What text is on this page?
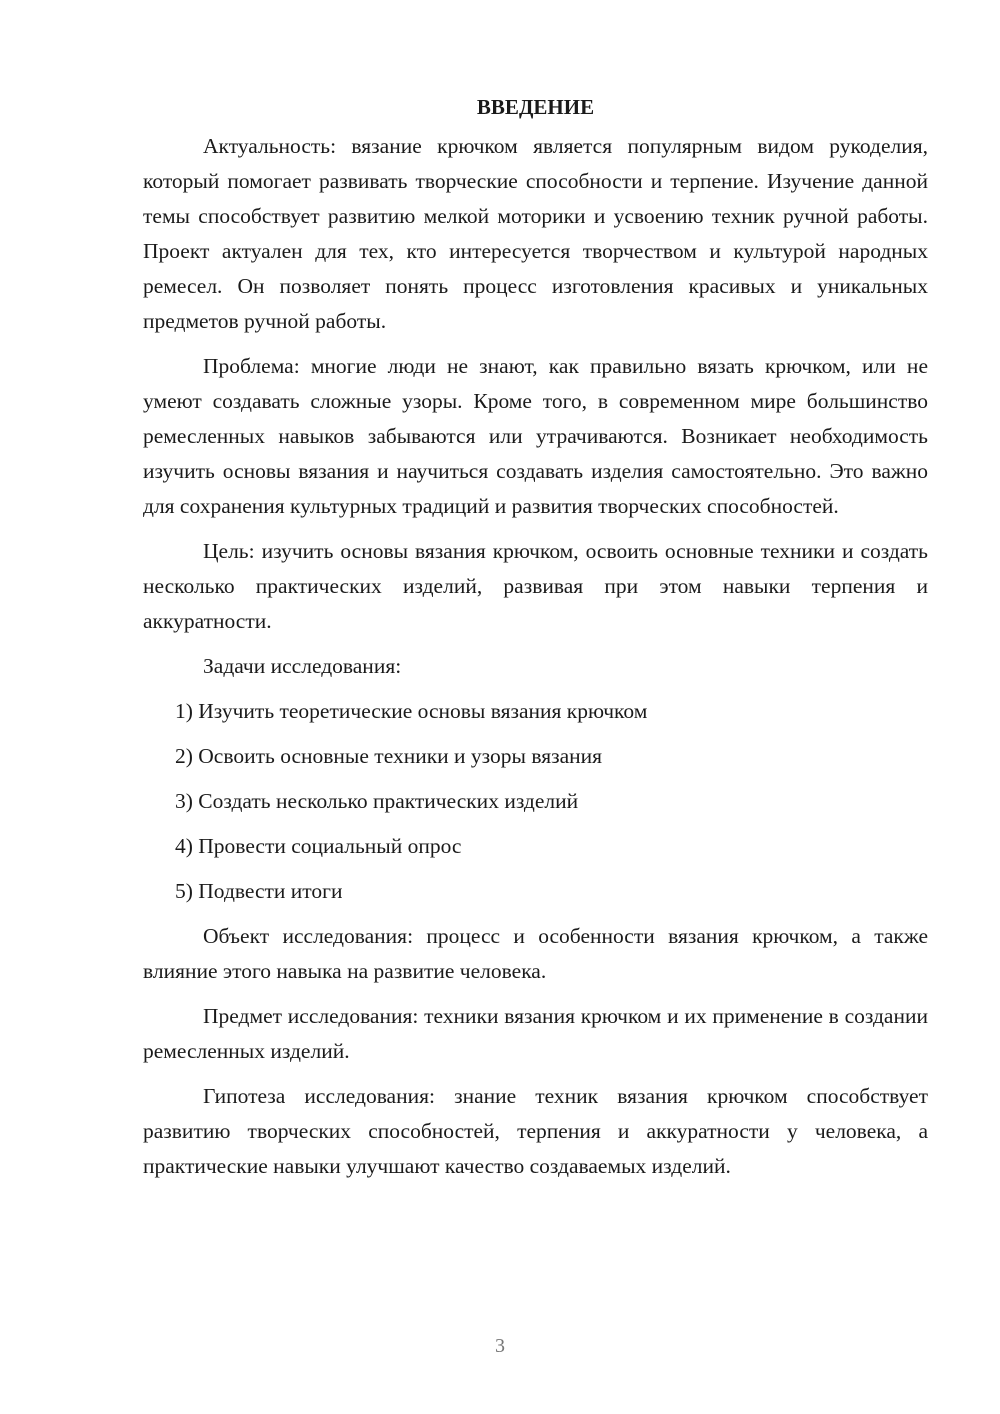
ВВЕДЕНИЕ

Актуальность: вязание крючком является популярным видом рукоделия, который помогает развивать творческие способности и терпение. Изучение данной темы способствует развитию мелкой моторики и усвоению техник ручной работы. Проект актуален для тех, кто интересуется творчеством и культурой народных ремесел. Он позволяет понять процесс изготовления красивых и уникальных предметов ручной работы.

Проблема: многие люди не знают, как правильно вязать крючком, или не умеют создавать сложные узоры. Кроме того, в современном мире большинство ремесленных навыков забываются или утрачиваются. Возникает необходимость изучить основы вязания и научиться создавать изделия самостоятельно. Это важно для сохранения культурных традиций и развития творческих способностей.

Цель: изучить основы вязания крючком, освоить основные техники и создать несколько практических изделий, развивая при этом навыки терпения и аккуратности.

Задачи исследования:

1) Изучить теоретические основы вязания крючком
2) Освоить основные техники и узоры вязания
3) Создать несколько практических изделий
4) Провести социальный опрос
5) Подвести итоги

Объект исследования: процесс и особенности вязания крючком, а также влияние этого навыка на развитие человека.

Предмет исследования: техники вязания крючком и их применение в создании ремесленных изделий.

Гипотеза исследования: знание техник вязания крючком способствует развитию творческих способностей, терпения и аккуратности у человека, а практические навыки улучшают качество создаваемых изделий.

3
